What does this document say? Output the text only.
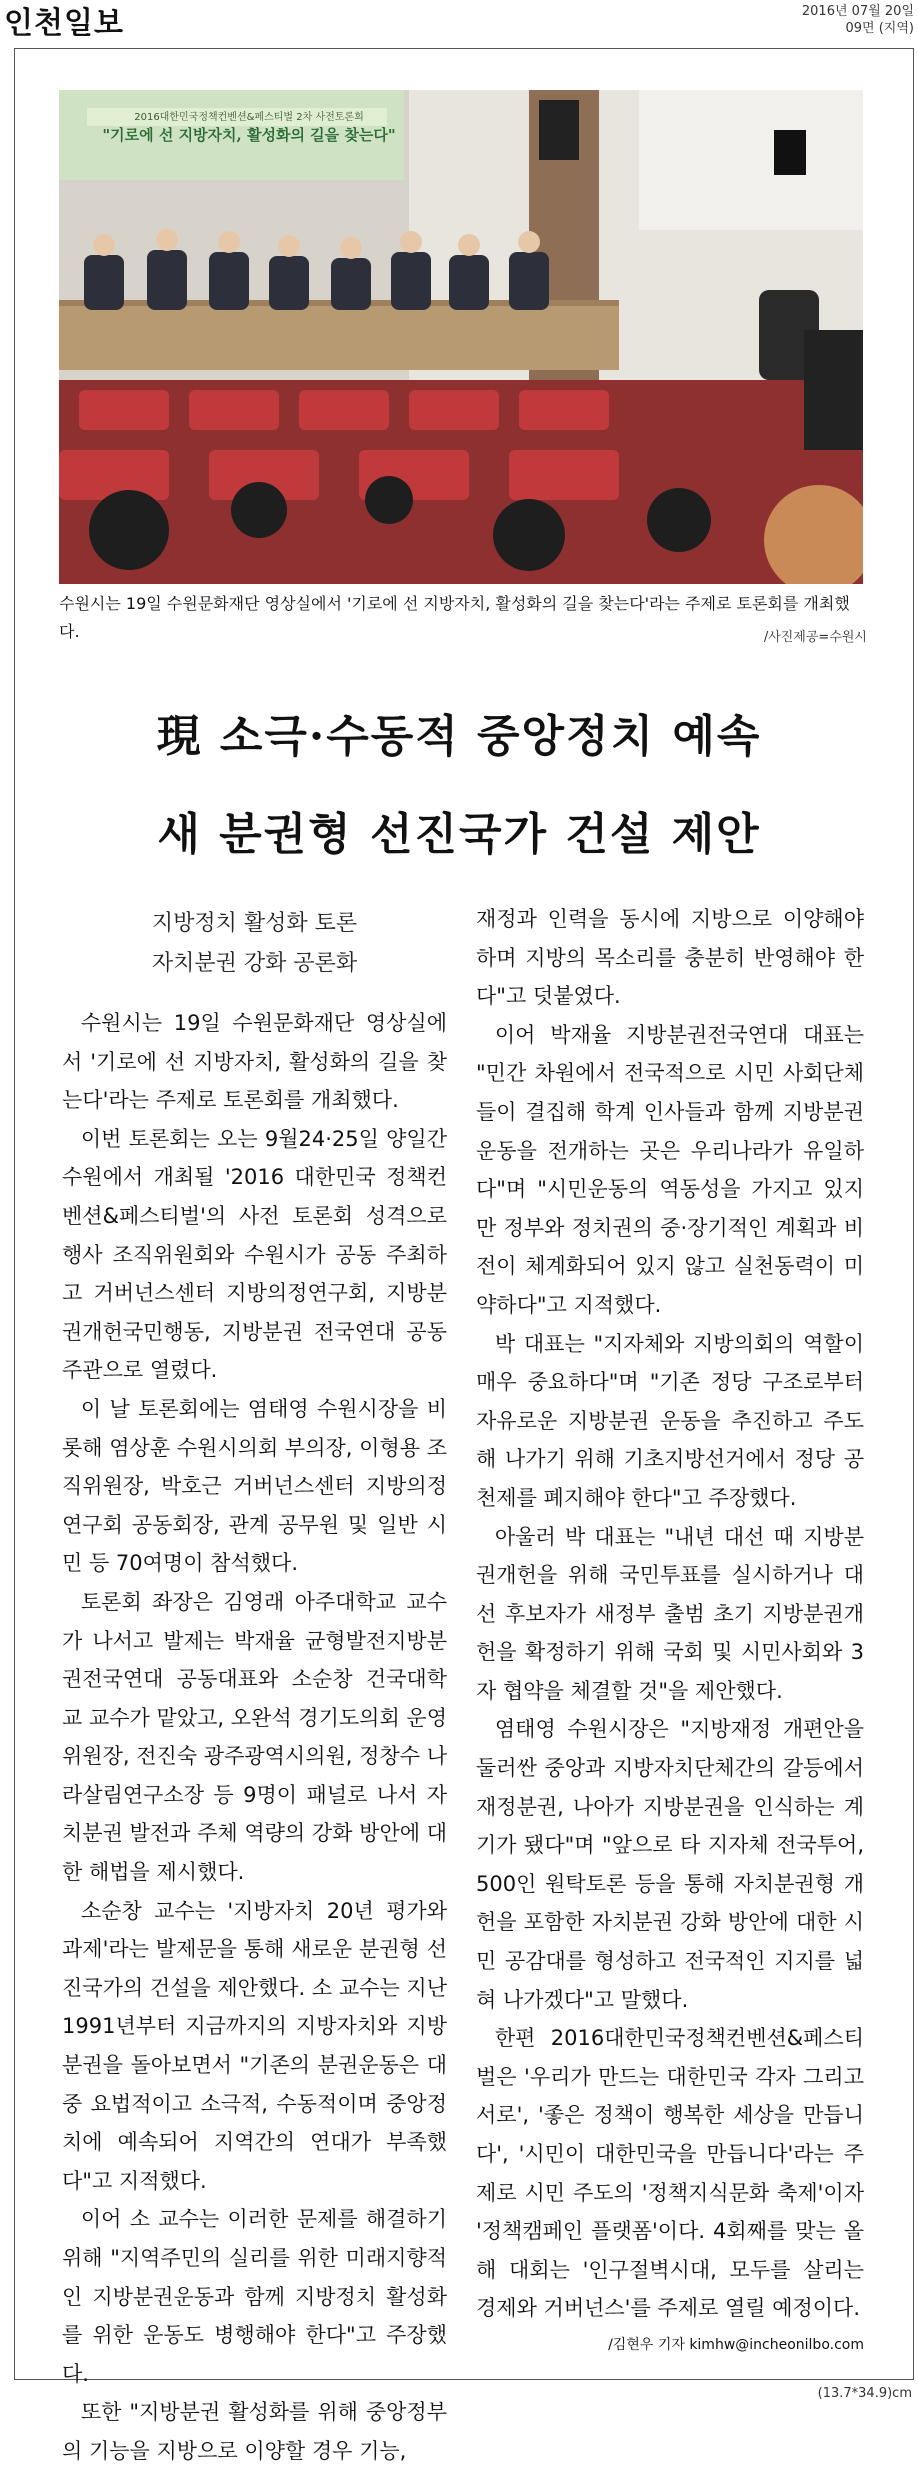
인천일보	2016년 07월 20일
09면 (지역)
2016대한민국정책컨벤션&페스티벌 2차 사전토론회
"기로에 선 지방자치, 활성화의 길을 찾는다"
수원시는 19일 수원문화재단 영상실에서 '기로에 선 지방자치, 활성화의 길을 찾는다'라는 주제로 토론회를 개최했다.	/사진제공=수원시
現 소극·수동적 중앙정치 예속
새 분권형 선진국가 건설 제안
지방정치 활성화 토론
자치분권 강화 공론화

수원시는 19일 수원문화재단 영상실에서 '기로에 선 지방자치, 활성화의 길을 찾는다'라는 주제로 토론회를 개최했다.

이번 토론회는 오는 9월24·25일 양일간 수원에서 개최될 '2016 대한민국 정책컨벤션&페스티벌'의 사전 토론회 성격으로 행사 조직위원회와 수원시가 공동 주최하고 거버넌스센터 지방의정연구회, 지방분권개헌국민행동, 지방분권 전국연대 공동 주관으로 열렸다.

이 날 토론회에는 염태영 수원시장을 비롯해 염상훈 수원시의회 부의장, 이형용 조직위원장, 박호근 거버넌스센터 지방의정연구회 공동회장, 관계 공무원 및 일반 시민 등 70여명이 참석했다.

토론회 좌장은 김영래 아주대학교 교수가 나서고 발제는 박재율 균형발전지방분권전국연대 공동대표와 소순창 건국대학교 교수가 맡았고, 오완석 경기도의회 운영위원장, 전진숙 광주광역시의원, 정창수 나라살림연구소장 등 9명이 패널로 나서 자치분권 발전과 주체 역량의 강화 방안에 대한 해법을 제시했다.

소순창 교수는 '지방자치 20년 평가와 과제'라는 발제문을 통해 새로운 분권형 선진국가의 건설을 제안했다. 소 교수는 지난 1991년부터 지금까지의 지방자치와 지방분권을 돌아보면서 "기존의 분권운동은 대중 요법적이고 소극적, 수동적이며 중앙정치에 예속되어 지역간의 연대가 부족했다"고 지적했다.

이어 소 교수는 이러한 문제를 해결하기 위해 "지역주민의 실리를 위한 미래지향적인 지방분권운동과 함께 지방정치 활성화를 위한 운동도 병행해야 한다"고 주장했다.

또한 "지방분권 활성화를 위해 중앙정부의 기능을 지방으로 이양할 경우 기능,

재정과 인력을 동시에 지방으로 이양해야 하며 지방의 목소리를 충분히 반영해야 한다"고 덧붙였다.

이어 박재율 지방분권전국연대 대표는 "민간 차원에서 전국적으로 시민 사회단체들이 결집해 학계 인사들과 함께 지방분권 운동을 전개하는 곳은 우리나라가 유일하다"며 "시민운동의 역동성을 가지고 있지만 정부와 정치권의 중·장기적인 계획과 비전이 체계화되어 있지 않고 실천동력이 미약하다"고 지적했다.

박 대표는 "지자체와 지방의회의 역할이 매우 중요하다"며 "기존 정당 구조로부터 자유로운 지방분권 운동을 추진하고 주도해 나가기 위해 기초지방선거에서 정당 공천제를 폐지해야 한다"고 주장했다.

아울러 박 대표는 "내년 대선 때 지방분권개헌을 위해 국민투표를 실시하거나 대선 후보자가 새정부 출범 초기 지방분권개헌을 확정하기 위해 국회 및 시민사회와 3자 협약을 체결할 것"을 제안했다.

염태영 수원시장은 "지방재정 개편안을 둘러싼 중앙과 지방자치단체간의 갈등에서 재정분권, 나아가 지방분권을 인식하는 계기가 됐다"며 "앞으로 타 지자체 전국투어, 500인 원탁토론 등을 통해 자치분권형 개헌을 포함한 자치분권 강화 방안에 대한 시민 공감대를 형성하고 전국적인 지지를 넓혀 나가겠다"고 말했다.

한편 2016대한민국정책컨벤션&페스티벌은 '우리가 만드는 대한민국 각자 그리고 서로', '좋은 정책이 행복한 세상을 만듭니다', '시민이 대한민국을 만듭니다'라는 주제로 시민 주도의 '정책지식문화 축제'이자 '정책캠페인 플랫폼'이다. 4회째를 맞는 올해 대회는 '인구절벽시대, 모두를 살리는 경제와 거버넌스'를 주제로 열릴 예정이다.

/김현우 기자 kimhw@incheonilbo.com
(13.7*34.9)cm
